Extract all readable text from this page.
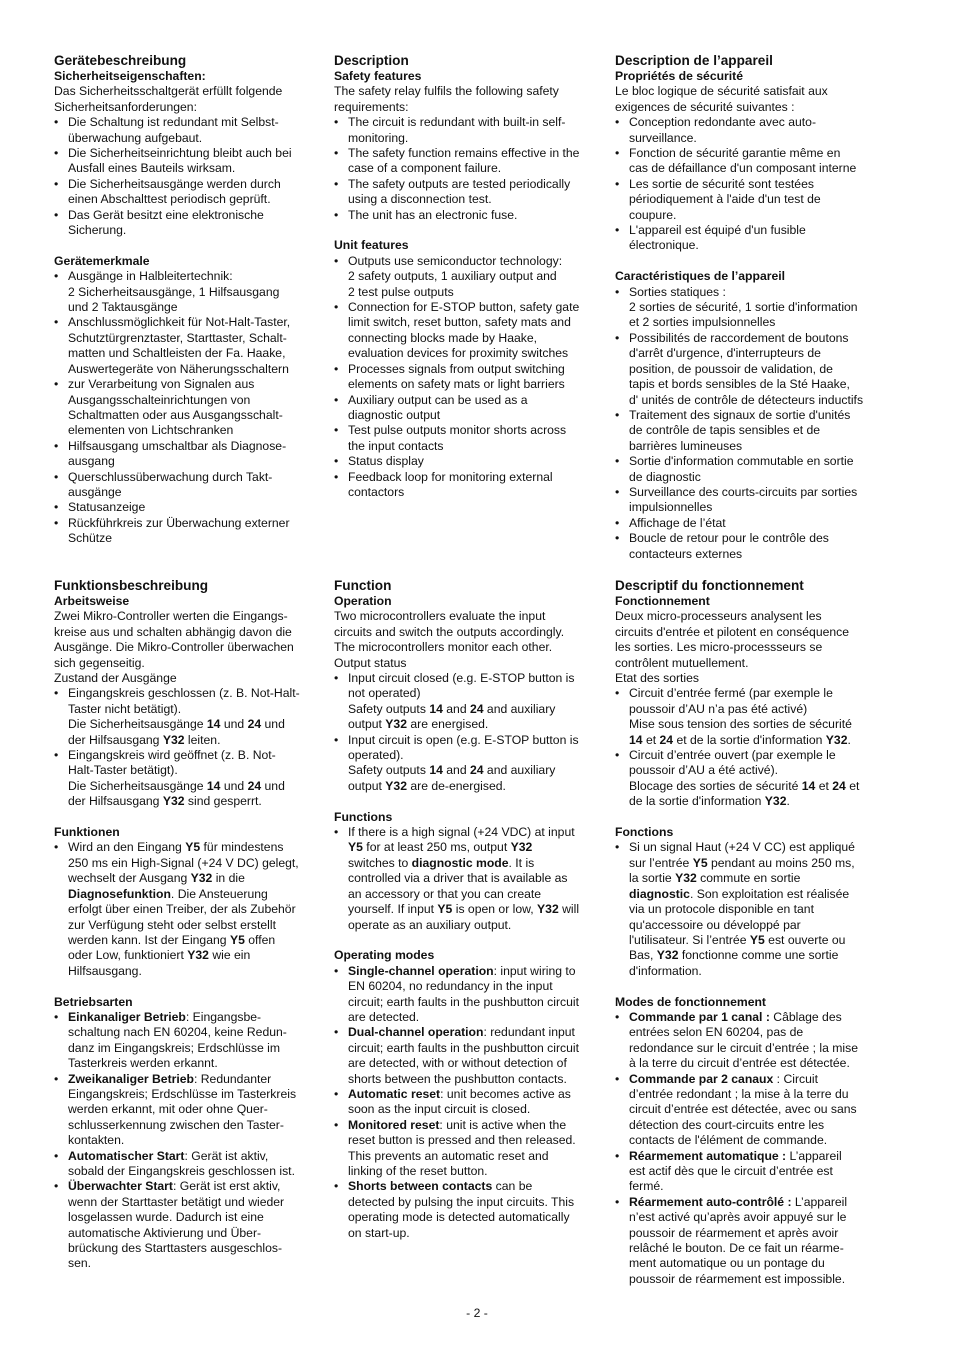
Gerätebeschreibung
Sicherheitseigenschaften:

Das Sicherheitsschaltgerät erfüllt folgende

Sicherheitsanforderungen:

• Die Schaltung ist redundant mit Selbst-
überwachung aufgebaut.
• Die Sicherheitseinrichtung bleibt auch bei
Ausfall eines Bauteils wirksam.
• Die Sicherheitsausgänge werden durch
einen Abschalttest periodisch geprüft.
• Das Gerät besitzt eine elektronische
Sicherung.
Gerätemerkmale
• Ausgänge in Halbleitertechnik:
2 Sicherheitsausgänge, 1 Hilfsausgang
und 2 Taktausgänge
• Anschlussmöglichkeit für Not-Halt-Taster,
Schutztürgrenztaster, Starttaster, Schalt-
matten und Schaltleisten der Fa. Haake,
Auswertegeräte von Näherungsschaltern
• zur Verarbeitung von Signalen aus
Ausgangsschalteinrichtungen von
Schaltmatten oder aus Ausgangsschalt-
elementen von Lichtschranken
• Hilfsausgang umschaltbar als Diagnose-
ausgang
• Querschlussüberwachung durch Takt-
ausgänge
• Statusanzeige
• Rückführkreis zur Überwachung externer
Schütze
Funktionsbeschreibung
Arbeitsweise

Zwei Mikro-Controller werten die Eingangs-

kreise aus und schalten abhängig davon die

Ausgänge. Die Mikro-Controller überwachen

sich gegenseitig.

Zustand der Ausgänge

• Eingangskreis geschlossen (z. B. Not-Halt-
Taster nicht betätigt).
Die Sicherheitsausgänge 14 und 24 und
der Hilfsausgang Y32 leiten.
• Eingangskreis wird geöffnet (z. B. Not-
Halt-Taster betätigt).
Die Sicherheitsausgänge 14 und 24 und
der Hilfsausgang Y32 sind gesperrt.
Funktionen
• Wird an den Eingang Y5 für mindestens
250 ms ein High-Signal (+24 V DC) gelegt,
wechselt der Ausgang Y32 in die
Diagnosefunktion. Die Ansteuerung
erfolgt über einen Treiber, der als Zubehör
zur Verfügung steht oder selbst erstellt
werden kann. Ist der Eingang Y5 offen
oder Low, funktioniert Y32 wie ein
Hilfsausgang.
Betriebsarten
• Einkanaliger Betrieb: Eingangsbe-
schaltung nach EN 60204, keine Redun-
danz im Eingangskreis; Erdschlüsse im
Tasterkreis werden erkannt.
• Zweikanaliger Betrieb: Redundanter
Eingangskreis; Erdschlüsse im Tasterkreis
werden erkannt, mit oder ohne Quer-
schlusserkennung zwischen den Taster-
kontakten.
• Automatischer Start: Gerät ist aktiv,
sobald der Eingangskreis geschlossen ist.
• Überwachter Start: Gerät ist erst aktiv,
wenn der Starttaster betätigt und wieder
losgelassen wurde. Dadurch ist eine
automatische Aktivierung und Über-
brückung des Starttasters ausgeschlos-
sen.
Description
Safety features

The safety relay fulfils the following safety

requirements:

• The circuit is redundant with built-in self-
monitoring.
• The safety function remains effective in the
case of a component failure.
• The safety outputs are tested periodically
using a disconnection test.
• The unit has an electronic fuse.
Unit features
• Outputs use semiconductor technology:
2 safety outputs, 1 auxiliary output and
2 test pulse outputs
• Connection for E-STOP button, safety gate
limit switch, reset button, safety mats and
connecting blocks made by Haake,
evaluation devices for proximity switches
• Processes signals from output switching
elements on safety mats or light barriers
• Auxiliary output can be used as a
diagnostic output
• Test pulse outputs monitor shorts across
the input contacts
• Status display
• Feedback loop for monitoring external
contactors
Function
Operation

Two microcontrollers evaluate the input

circuits and switch the outputs accordingly.

The microcontrollers monitor each other.

Output status

• Input circuit closed (e.g. E-STOP button is
not operated)
Safety outputs 14 and 24 and auxiliary
output Y32 are energised.
• Input circuit is open (e.g. E-STOP button is
operated).
Safety outputs 14 and 24 and auxiliary
output Y32 are de-energised.
Functions
• If there is a high signal (+24 VDC) at input
Y5 for at least 250 ms, output Y32
switches to diagnostic mode. It is
controlled via a driver that is available as
an accessory or that you can create
yourself. If input Y5 is open or low, Y32 will
operate as an auxiliary output.
Operating modes
• Single-channel operation: input wiring to
EN 60204, no redundancy in the input
circuit; earth faults in the pushbutton circuit
are detected.
• Dual-channel operation: redundant input
circuit; earth faults in the pushbutton circuit
are detected, with or without detection of
shorts between the pushbutton contacts.
• Automatic reset: unit becomes active as
soon as the input circuit is closed.
• Monitored reset: unit is active when the
reset button is pressed and then released.
This prevents an automatic reset and
linking of the reset button.
• Shorts between contacts can be
detected by pulsing the input circuits. This
operating mode is detected automatically
on start-up.
Description de l’appareil
Propriétés de sécurité

Le bloc logique de sécurité satisfait aux

exigences de sécurité suivantes :

• Conception redondante avec auto-
surveillance.
• Fonction de sécurité garantie même en
cas de défaillance d'un composant interne
• Les sortie de sécurité sont testées
périodiquement à l'aide d'un test de
coupure.
• L'appareil est équipé d'un fusible
électronique.
Caractéristiques de l’appareil
• Sorties statiques :
2 sorties de sécurité, 1 sortie d'information
et 2 sorties impulsionnelles
• Possibilités de raccordement de boutons
d'arrêt d'urgence, d'interrupteurs de
position, de poussoir de validation, de
tapis et bords sensibles de la Sté Haake,
d' unités de contrôle de détecteurs inductifs
• Traitement des signaux de sortie d'unités
de contrôle de tapis sensibles et de
barrières lumineuses
• Sortie d'information commutable en sortie
de diagnostic
• Surveillance des courts-circuits par sorties
impulsionnelles
• Affichage de l’état
• Boucle de retour pour le contrôle des
contacteurs externes
Descriptif du fonctionnement
Fonctionnement

Deux micro-processeurs analysent les

circuits d'entrée et pilotent en conséquence

les sorties. Les micro-processseurs se

contrôlent mutuellement.

Etat des sorties

• Circuit d’entrée fermé (par exemple le
poussoir d’AU n’a pas été activé)
Mise sous tension des sorties de sécurité
14 et 24 et de la sortie d'information Y32.
• Circuit d’entrée ouvert (par exemple le
poussoir d’AU a été activé).
Blocage des sorties de sécurité 14 et 24 et
de la sortie d'information Y32.
Fonctions
• Si un signal Haut (+24 V CC) est appliqué
sur l’entrée Y5 pendant au moins 250 ms,
la sortie Y32 commute en sortie
diagnostic. Son exploitation est réalisée
via un protocole disponible en tant
qu'accessoire ou développé par
l'utilisateur. Si l’entrée Y5 est ouverte ou
Bas, Y32 fonctionne comme une sortie
d'information.
Modes de fonctionnement
• Commande par 1 canal : Câblage des
entrées selon EN 60204, pas de
redondance sur le circuit d’entrée ; la mise
à la terre du circuit d’entrée est détectée.
• Commande par 2 canaux : Circuit
d’entrée redondant ; la mise à la terre du
circuit d’entrée est détectée, avec ou sans
détection des court-circuits entre les
contacts de l'élément de commande.
• Réarmement automatique : L’appareil
est actif dès que le circuit d’entrée est
fermé.
• Réarmement auto-contrôlé : L’appareil
n’est activé qu’après avoir appuyé sur le
poussoir de réarmement et après avoir
relâché le bouton. De ce fait un réarme-
ment automatique ou un pontage du
poussoir de réarmement est impossible.
- 2 -
